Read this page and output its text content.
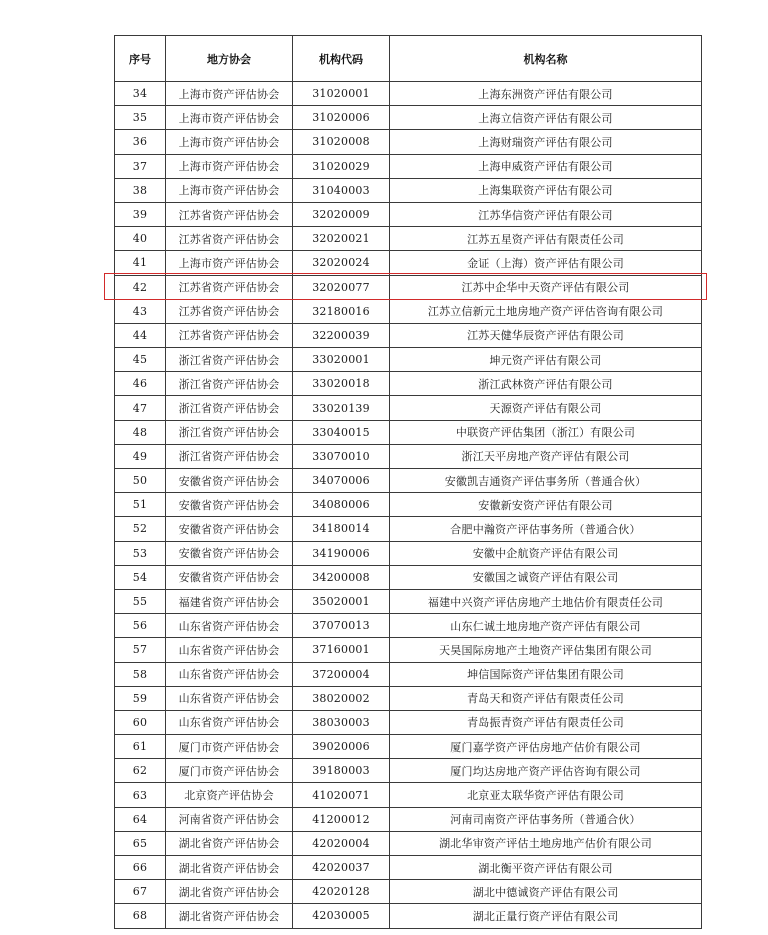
序号	地方协会	机构代码	机构名称
34	上海市资产评估协会	31020001	上海东洲资产评估有限公司
35	上海市资产评估协会	31020006	上海立信资产评估有限公司
36	上海市资产评估协会	31020008	上海财瑞资产评估有限公司
37	上海市资产评估协会	31020029	上海申威资产评估有限公司
38	上海市资产评估协会	31040003	上海集联资产评估有限公司
39	江苏省资产评估协会	32020009	江苏华信资产评估有限公司
40	江苏省资产评估协会	32020021	江苏五星资产评估有限责任公司
41	上海市资产评估协会	32020024	金证（上海）资产评估有限公司
42	江苏省资产评估协会	32020077	江苏中企华中天资产评估有限公司
43	江苏省资产评估协会	32180016	江苏立信新元土地房地产资产评估咨询有限公司
44	江苏省资产评估协会	32200039	江苏天健华辰资产评估有限公司
45	浙江省资产评估协会	33020001	坤元资产评估有限公司
46	浙江省资产评估协会	33020018	浙江武林资产评估有限公司
47	浙江省资产评估协会	33020139	天源资产评估有限公司
48	浙江省资产评估协会	33040015	中联资产评估集团（浙江）有限公司
49	浙江省资产评估协会	33070010	浙江天平房地产资产评估有限公司
50	安徽省资产评估协会	34070006	安徽凯吉通资产评估事务所（普通合伙）
51	安徽省资产评估协会	34080006	安徽新安资产评估有限公司
52	安徽省资产评估协会	34180014	合肥中瀚资产评估事务所（普通合伙）
53	安徽省资产评估协会	34190006	安徽中企航资产评估有限公司
54	安徽省资产评估协会	34200008	安徽国之诚资产评估有限公司
55	福建省资产评估协会	35020001	福建中兴资产评估房地产土地估价有限责任公司
56	山东省资产评估协会	37070013	山东仁诚土地房地产资产评估有限公司
57	山东省资产评估协会	37160001	天昊国际房地产土地资产评估集团有限公司
58	山东省资产评估协会	37200004	坤信国际资产评估集团有限公司
59	山东省资产评估协会	38020002	青岛天和资产评估有限责任公司
60	山东省资产评估协会	38030003	青岛振青资产评估有限责任公司
61	厦门市资产评估协会	39020006	厦门嘉学资产评估房地产估价有限公司
62	厦门市资产评估协会	39180003	厦门均达房地产资产评估咨询有限公司
63	北京资产评估协会	41020071	北京亚太联华资产评估有限公司
64	河南省资产评估协会	41200012	河南司南资产评估事务所（普通合伙）
65	湖北省资产评估协会	42020004	湖北华审资产评估土地房地产估价有限公司
66	湖北省资产评估协会	42020037	湖北衡平资产评估有限公司
67	湖北省资产评估协会	42020128	湖北中德诚资产评估有限公司
68	湖北省资产评估协会	42030005	湖北正量行资产评估有限公司
